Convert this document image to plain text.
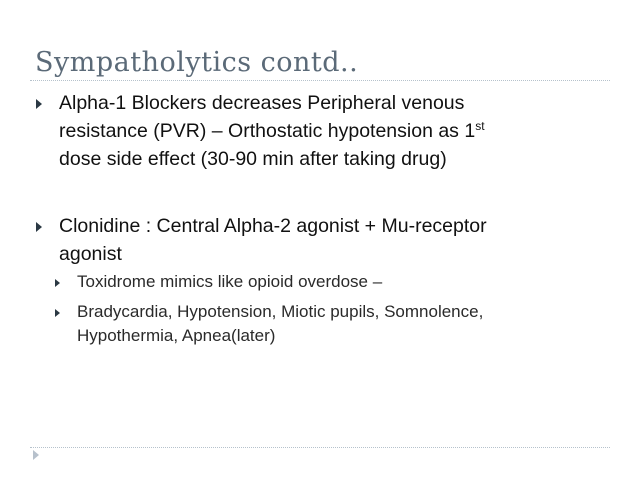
Sympatholytics contd..
Alpha-1 Blockers decreases Peripheral venous
resistance (PVR) – Orthostatic hypotension as 1st
dose side effect (30-90 min after taking drug)
Clonidine : Central Alpha-2 agonist + Mu-receptor
agonist
Toxidrome mimics like opioid overdose –
Bradycardia, Hypotension, Miotic pupils, Somnolence,
Hypothermia, Apnea(later)
